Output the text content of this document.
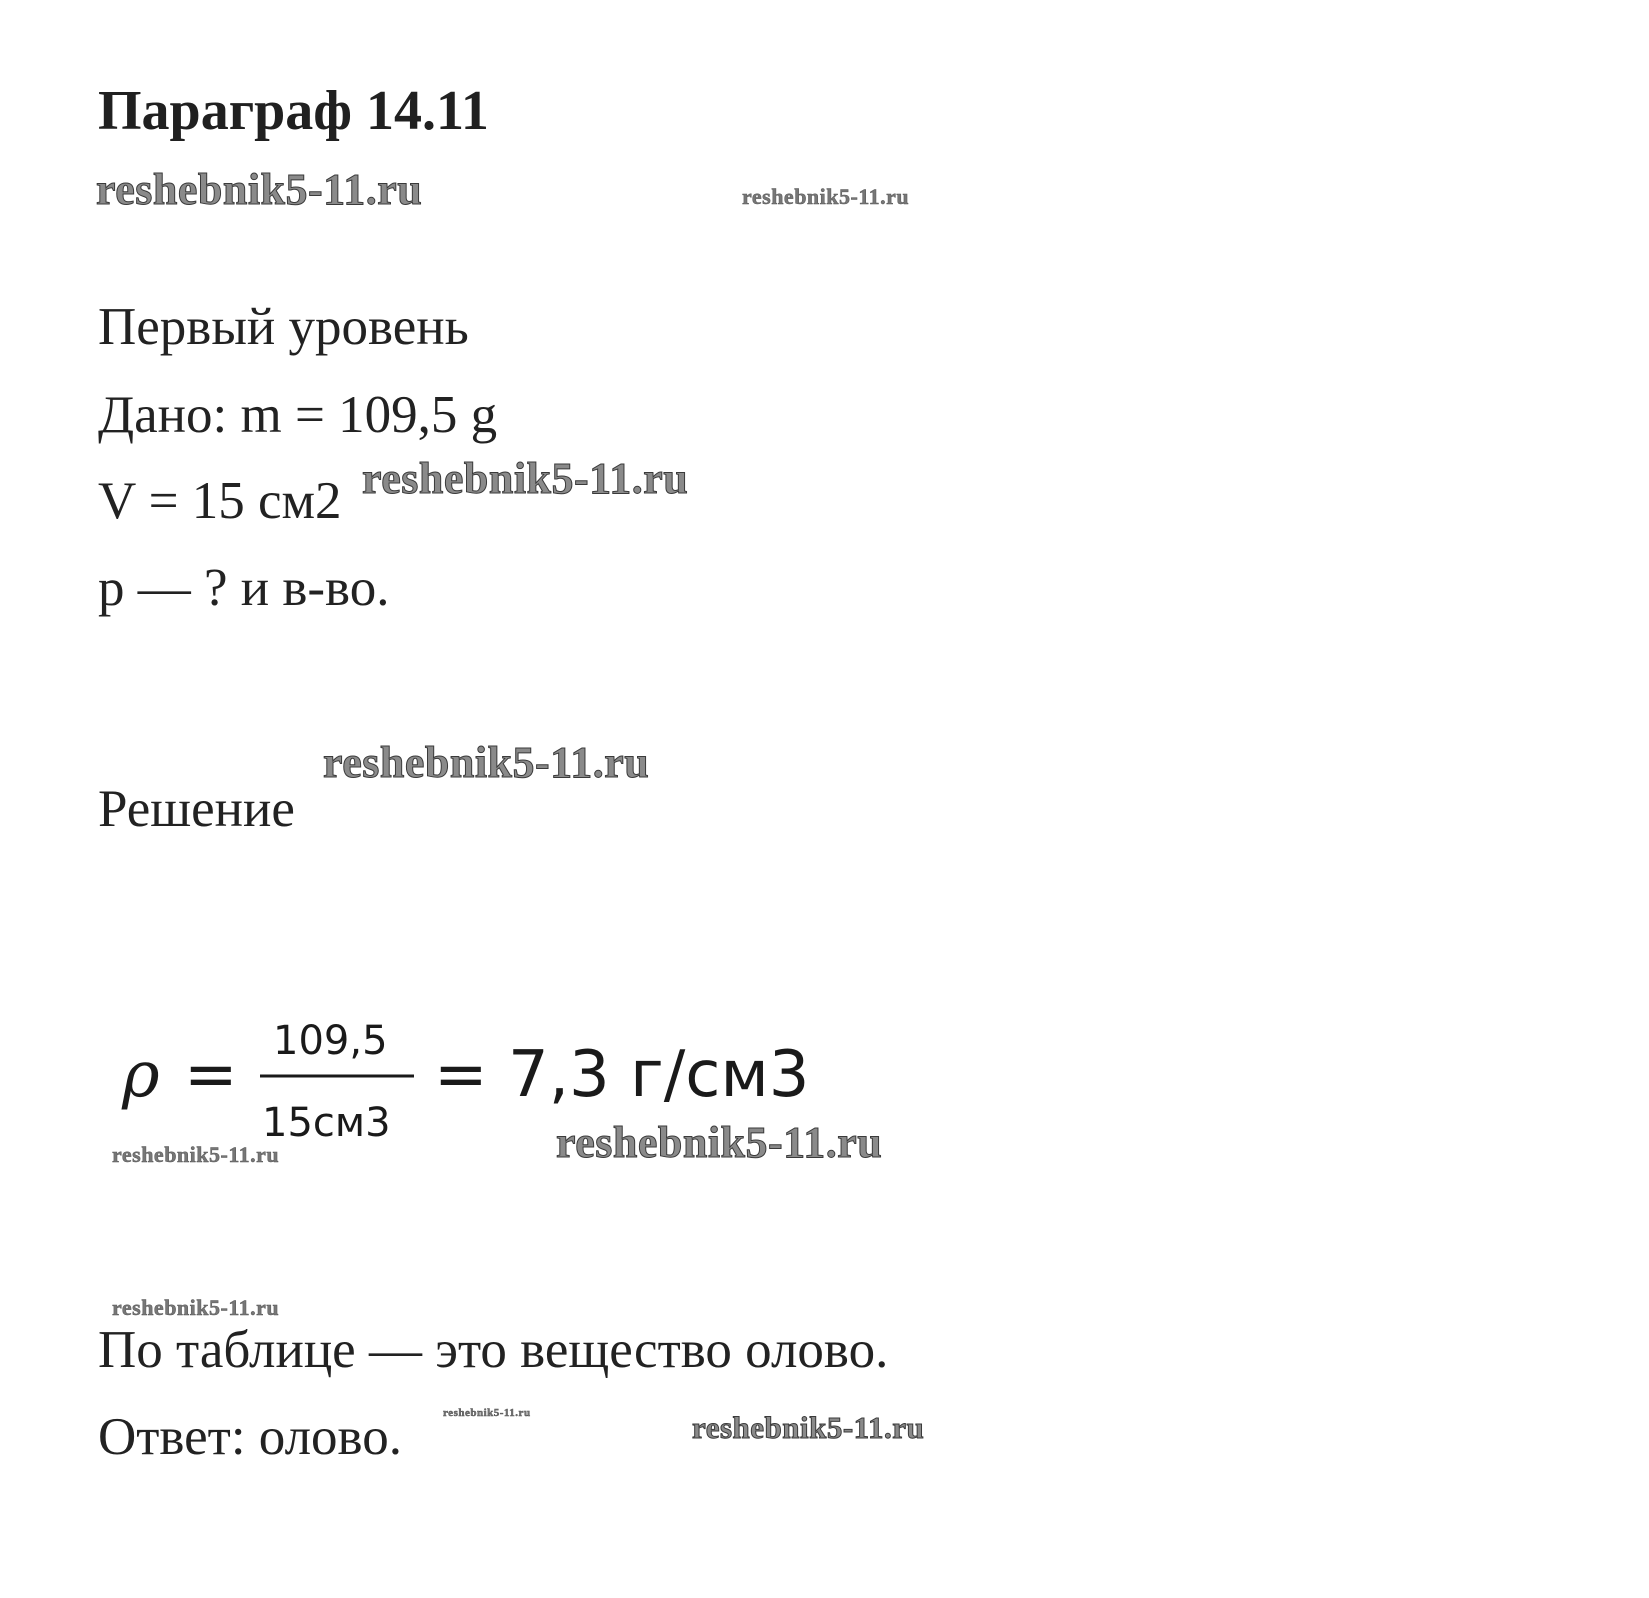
Параграф 14.11
reshebnik5-11.ru	reshebnik5-11.ru
Первый уровень
Дано: m = 109,5 g
V = 15 см2 reshebnik5-11.ru
р — ? и в-во.
reshebnik5-11.ru
Решение
ρ = 109,5
15см3
= 7,3 г/см3
reshebnik5-11.ru	reshebnik5-11.ru
reshebnik5-11.ru
По таблице — это вещество олово.
Ответ: олово.	reshebnik5-11.ru	reshebnik5-11.ru
